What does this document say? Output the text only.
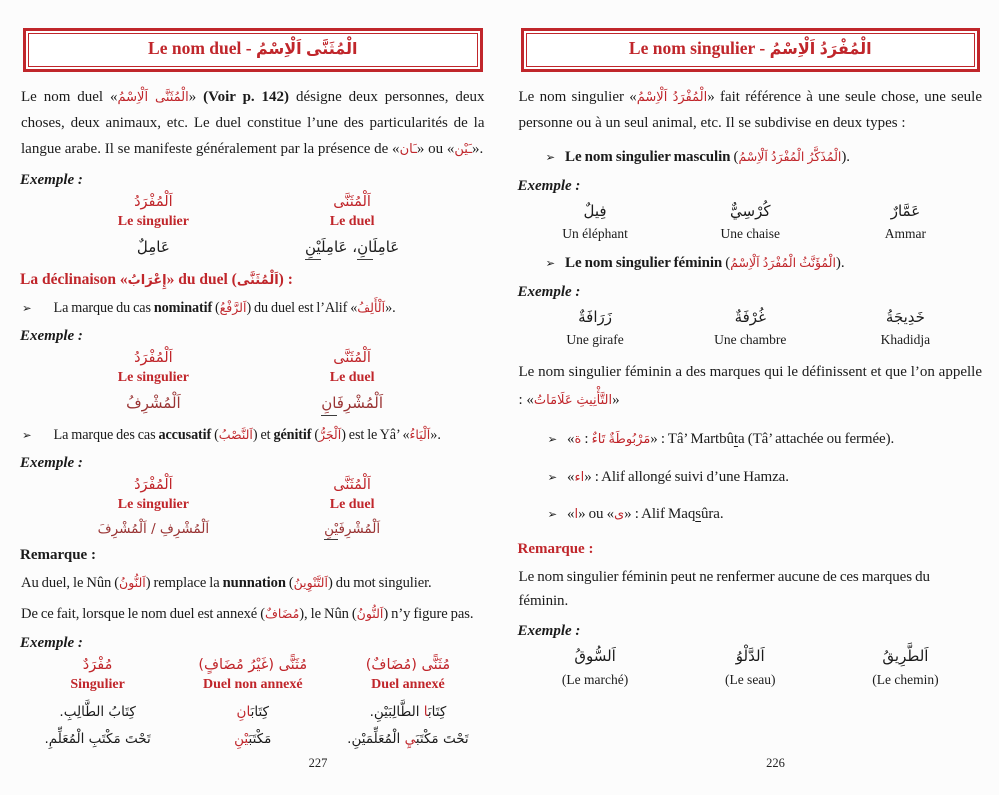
Le nom duel - اَلْاِسْمُ الْمُثَنَّى

Le nom duel «اَلْاِسْمُ الْمُثَنَّى» (Voir p. 142) désigne deux personnes, deux choses, deux animaux, etc. Le duel constitue l’une des particularités de la langue arabe. Il se manifeste généralement par la présence de «ـَان» ou «ـَيْن».

Exemple :
اَلْمُفْرَدُ
Le singulier
عَامِلٌ
اَلْمُثَنَّى
Le duel
عَامِلَ‍‍انِ، عَامِلَ‍‍يْنِ
La déclinaison «إِعْرَابُ» du duel (اَلْمُثَنَّى) :
➢ La marque du cas nominatif (اَلرَّفْعُ) du duel est l’Alif «اَلْأَلِفُ».
Exemple :
اَلْمُفْرَدُ
Le singulier
اَلْمُشْرِفُ
اَلْمُثَنَّى
Le duel
اَلْمُشْرِفَ‍‍انِ
➢ La marque des cas accusatif (اَلنَّصْبُ) et génitif (اَلْجَرُّ) est le Yâ’ «اَلْيَاءُ».
Exemple :
اَلْمُفْرَدُ
Le singulier
اَلْمُشْرِفِ / اَلْمُشْرِفَ
اَلْمُثَنَّى
Le duel
اَلْمُشْرِفَ‍‍يْنِ
Remarque :
Au duel, le Nûn (اَلنُّونُ) remplace la nunnation (اَلتَّنْوِينُ) du mot singulier.
De ce fait, lorsque le nom duel est annexé (مُضَافٌ), le Nûn (اَلنُّونُ) n’y figure pas.
Exemple :
مُفْرَدٌ
Singulier
كِتَابُ الطَّالِبِ.
تَحْتَ مَكْتَبِ الْمُعَلِّمِ.
مُثَنًّى (غَيْرُ مُضَافٍ)
Duel non annexé
كِتَابَ‍‍انِ
مَكْتَبَ‍‍يْنِ
مُثَنًّى (مُضَافٌ)
Duel annexé
كِتَابَ‍‍ا الطَّالِبَيْنِ.
تَحْتَ مَكْتَبَ‍‍يِ الْمُعَلِّمَيْنِ.
227
Le nom singulier - اَلْاِسْمُ الْمُفْرَدُ

Le nom singulier «اَلْاِسْمُ الْمُفْرَدُ» fait référence à une seule chose, une seule personne ou à un seul animal, etc. Il se subdivise en deux types :

➢ Le nom singulier masculin (اَلْاِسْمُ الْمُفْرَدُ الْمُذَكَّرُ).
Exemple :
فِيلٌ
Un éléphant
كُرْسِيٌّ
Une chaise
عَمَّارٌ
Ammar
➢ Le nom singulier féminin (اَلْاِسْمُ الْمُفْرَدُ الْمُؤَنَّثُ).
Exemple :
زَرَافَةٌ
Une girafe
غُرْفَةٌ
Une chambre
خَدِيجَةُ
Khadidja
Le nom singulier féminin a des marques qui le définissent et que l’on appelle
: «عَلَامَاتُ التَّأْنِيثِ»
➢ «ة : تَاءٌ مَرْبُوطَةٌ» : Tâ’ Martbûta (Tâ’ attachée ou fermée).
➢ «اء» : Alif allongé suivi d’une Hamza.
➢ «ا» ou «ى» : Alif Maqsûra.
Remarque :
Le nom singulier féminin peut ne renfermer aucune de ces marques du féminin.
Exemple :
اَلسُّوقُ
(Le marché)
اَلدَّلْوُ
(Le seau)
اَلطَّرِيقُ
(Le chemin)
226
